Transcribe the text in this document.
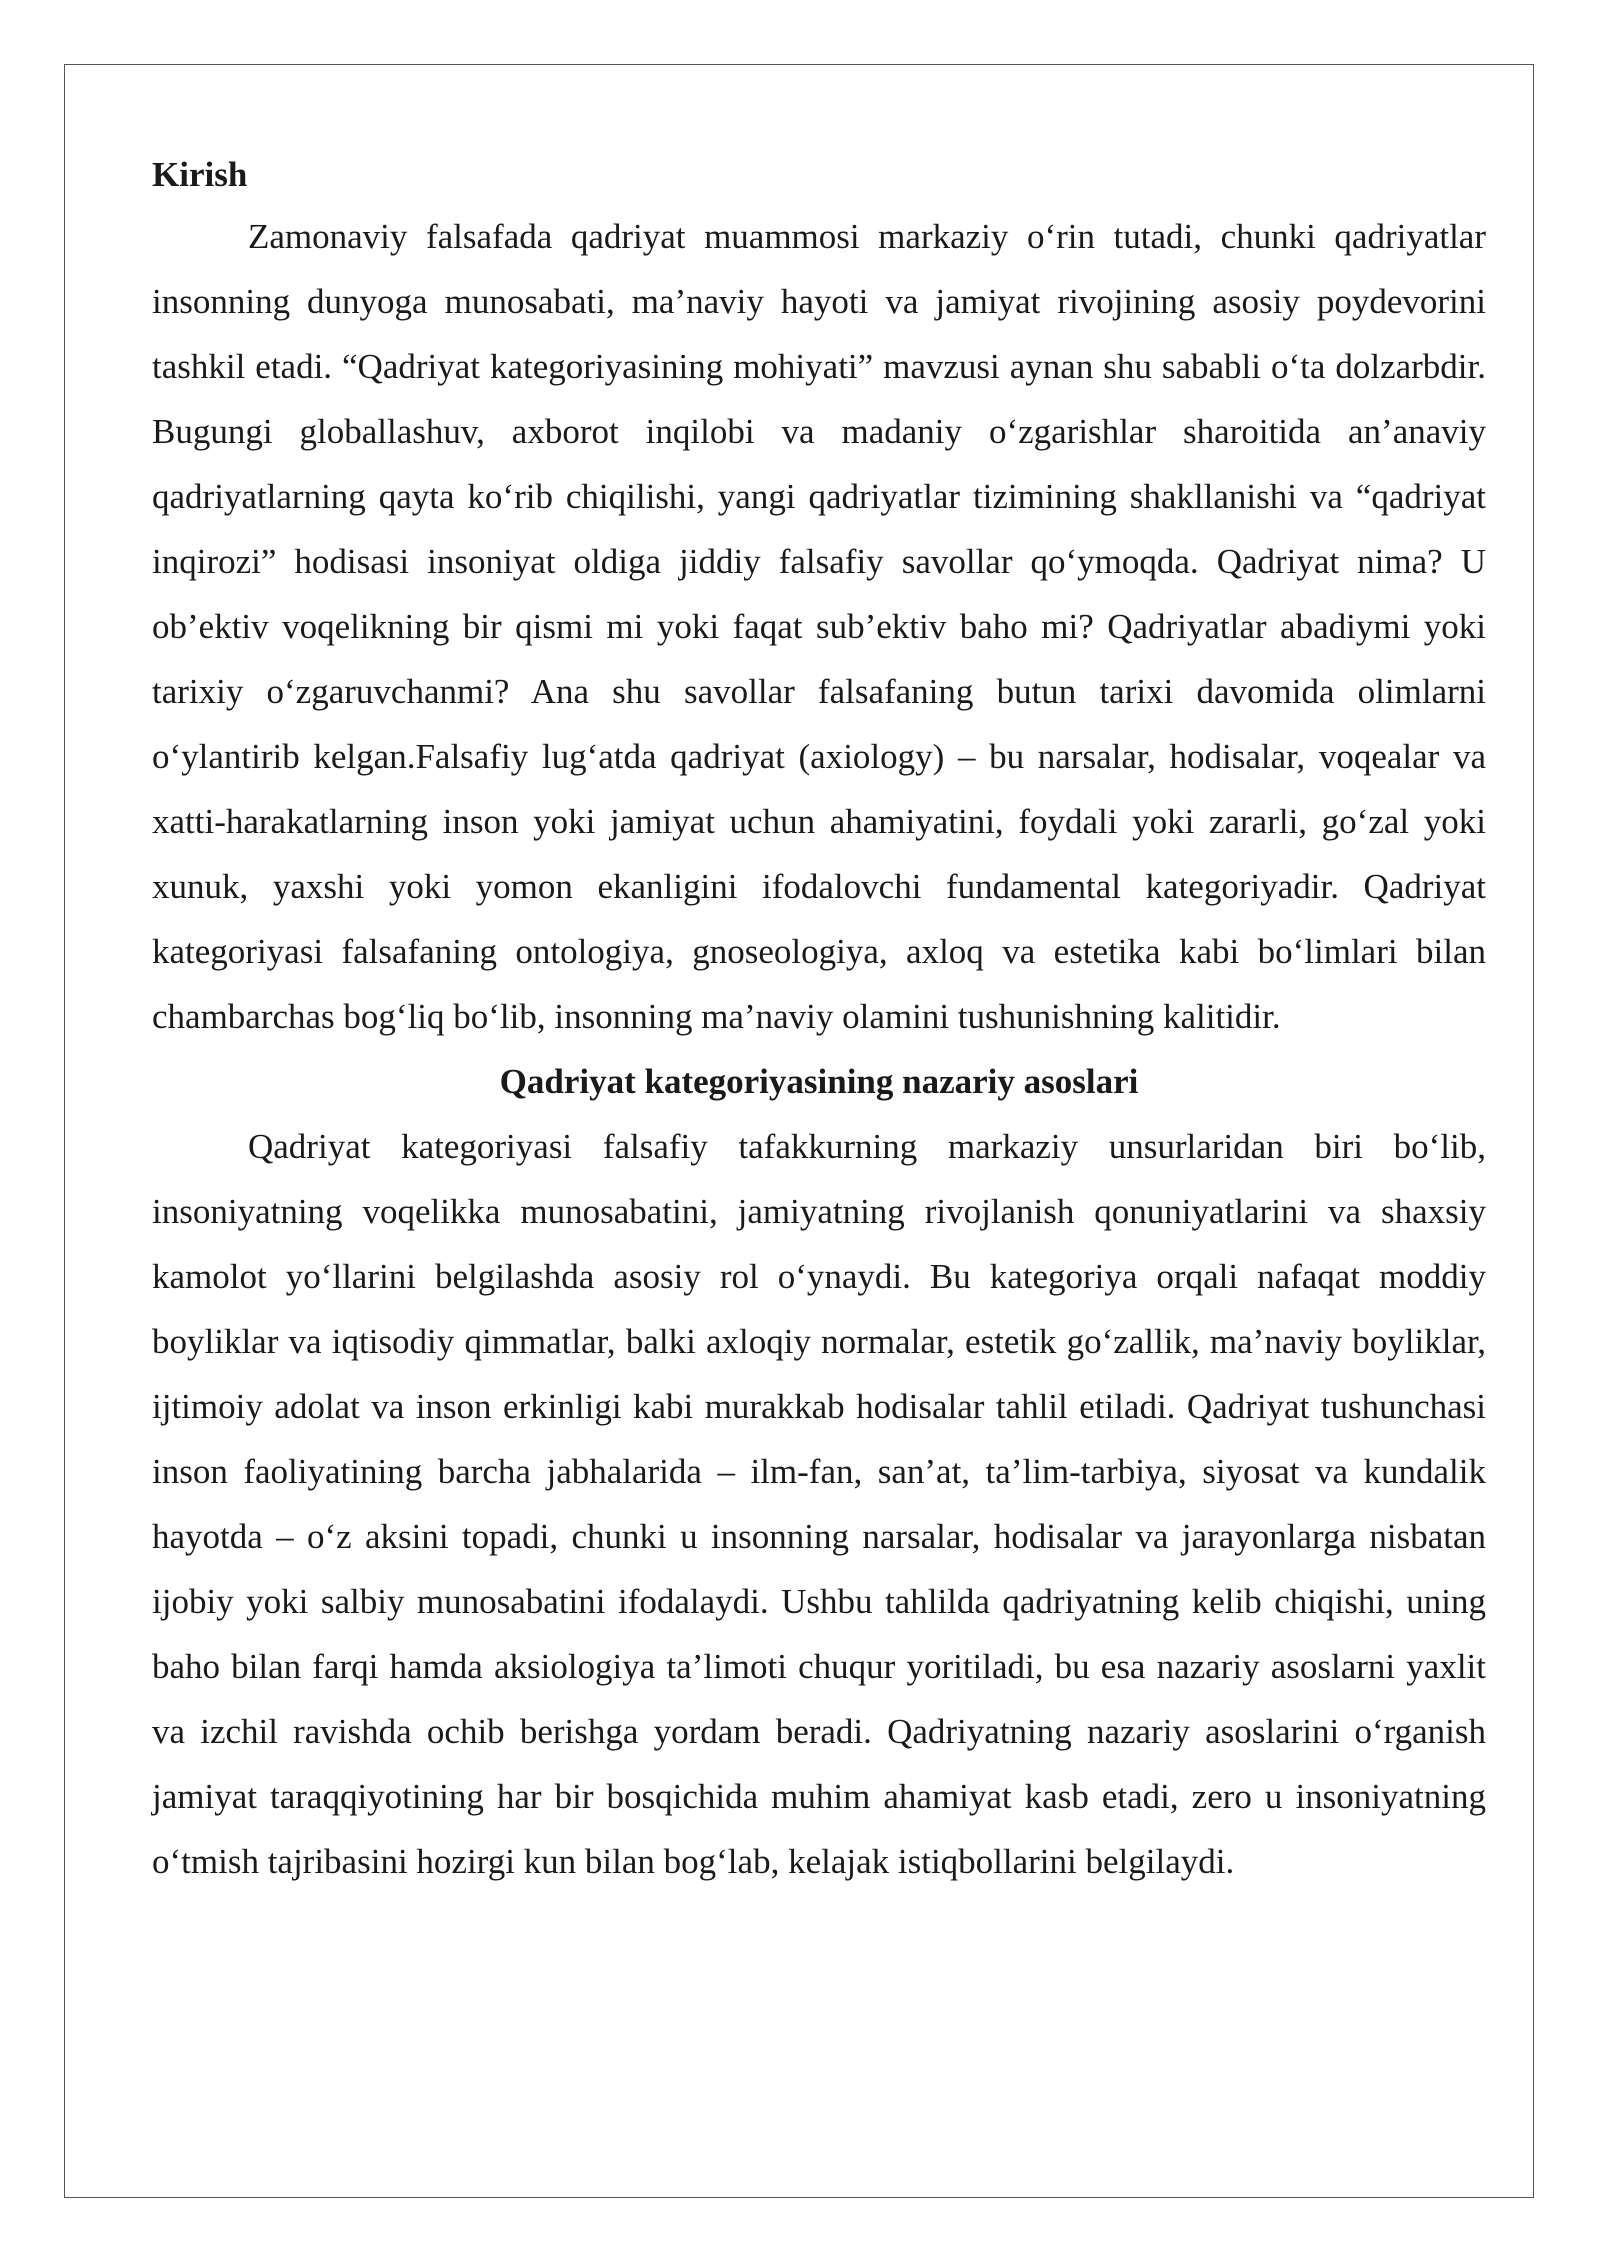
Kirish

Zamonaviy falsafada qadriyat muammosi markaziy o‘rin tutadi, chunki qadriyatlar insonning dunyoga munosabati, ma’naviy hayoti va jamiyat rivojining asosiy poydevorini tashkil etadi. “Qadriyat kategoriyasining mohiyati” mavzusi aynan shu sababli o‘ta dolzarbdir. Bugungi globallashuv, axborot inqilobi va madaniy o‘zgarishlar sharoitida an’anaviy qadriyatlarning qayta ko‘rib chiqilishi, yangi qadriyatlar tizimining shakllanishi va “qadriyat inqirozi” hodisasi insoniyat oldiga jiddiy falsafiy savollar qo‘ymoqda. Qadriyat nima? U ob’ektiv voqelikning bir qismi mi yoki faqat sub’ektiv baho mi? Qadriyatlar abadiymi yoki tarixiy o‘zgaruvchanmi? Ana shu savollar falsafaning butun tarixi davomida olimlarni o‘ylantirib kelgan.Falsafiy lug‘atda qadriyat (axiology) – bu narsalar, hodisalar, voqealar va xatti-harakatlarning inson yoki jamiyat uchun ahamiyatini, foydali yoki zararli, go‘zal yoki xunuk, yaxshi yoki yomon ekanligini ifodalovchi fundamental kategoriyadir. Qadriyat kategoriyasi falsafaning ontologiya, gnoseologiya, axloq va estetika kabi bo‘limlari bilan chambarchas bog‘liq bo‘lib, insonning ma’naviy olamini tushunishning kalitidir.

Qadriyat kategoriyasining nazariy asoslari

Qadriyat kategoriyasi falsafiy tafakkurning markaziy unsurlaridan biri bo‘lib, insoniyatning voqelikka munosabatini, jamiyatning rivojlanish qonuniyatlarini va shaxsiy kamolot yo‘llarini belgilashda asosiy rol o‘ynaydi. Bu kategoriya orqali nafaqat moddiy boyliklar va iqtisodiy qimmatlar, balki axloqiy normalar, estetik go‘zallik, ma’naviy boyliklar, ijtimoiy adolat va inson erkinligi kabi murakkab hodisalar tahlil etiladi. Qadriyat tushunchasi inson faoliyatining barcha jabhalarida – ilm-fan, san’at, ta’lim-tarbiya, siyosat va kundalik hayotda – o‘z aksini topadi, chunki u insonning narsalar, hodisalar va jarayonlarga nisbatan ijobiy yoki salbiy munosabatini ifodalaydi. Ushbu tahlilda qadriyatning kelib chiqishi, uning baho bilan farqi hamda aksiologiya ta’limoti chuqur yoritiladi, bu esa nazariy asoslarni yaxlit va izchil ravishda ochib berishga yordam beradi. Qadriyatning nazariy asoslarini o‘rganish jamiyat taraqqiyotining har bir bosqichida muhim ahamiyat kasb etadi, zero u insoniyatning o‘tmish tajribasini hozirgi kun bilan bog‘lab, kelajak istiqbollarini belgilaydi.
